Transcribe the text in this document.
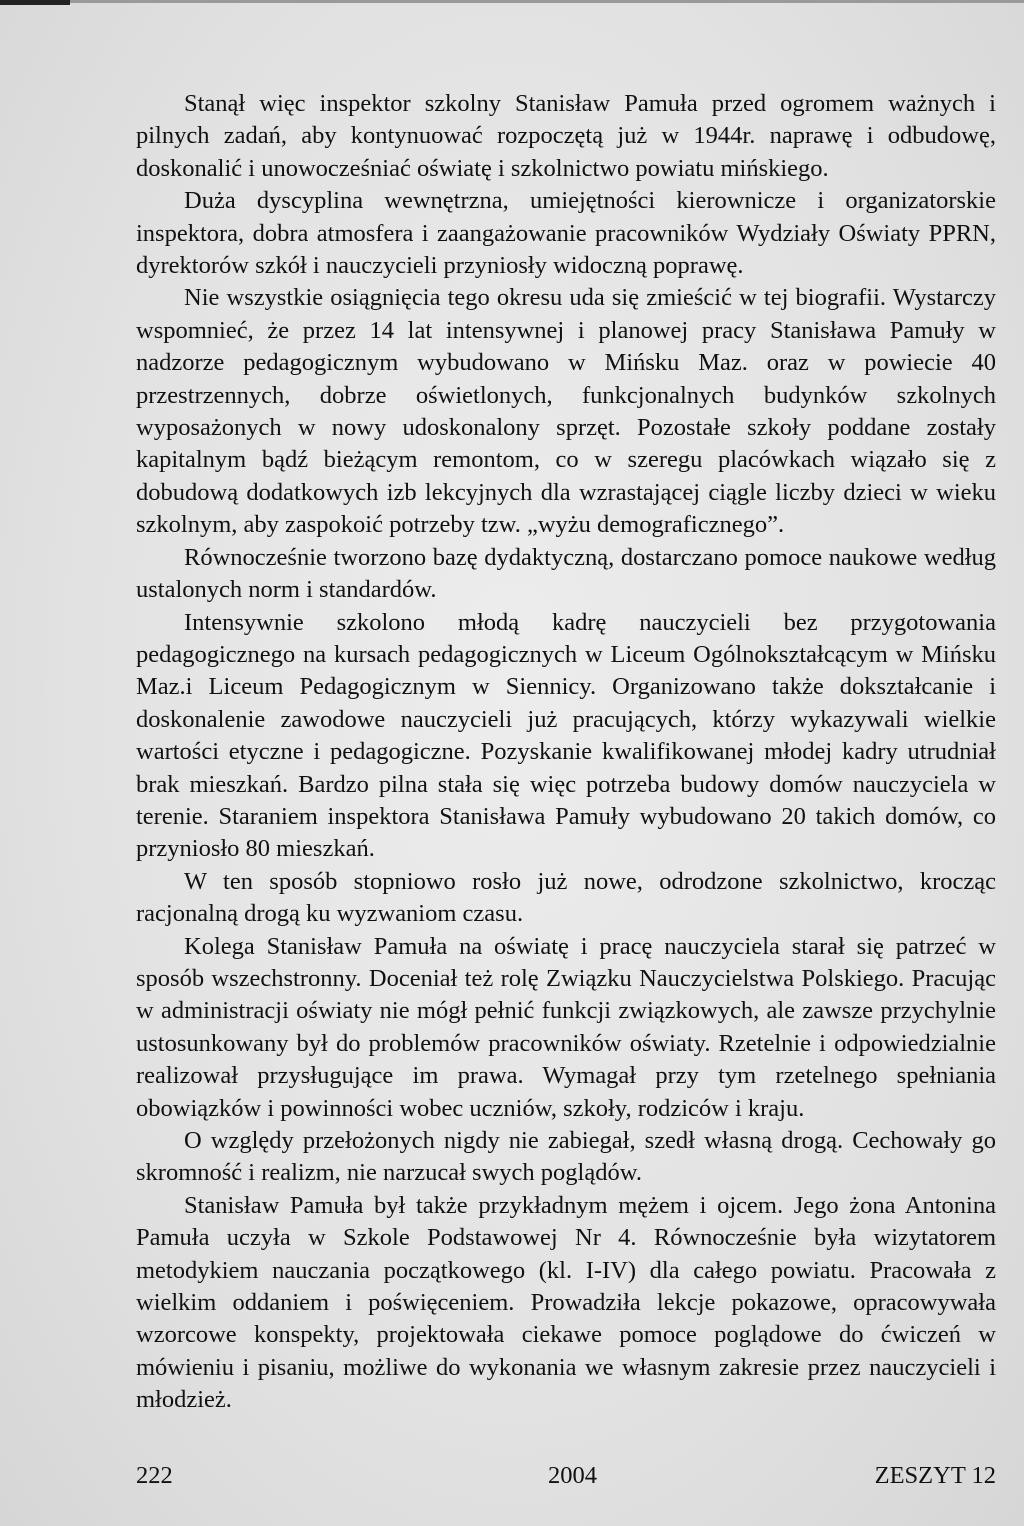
Stanął więc inspektor szkolny Stanisław Pamuła przed ogromem ważnych i pilnych zadań, aby kontynuować rozpoczętą już w 1944r. naprawę i odbudowę, doskonalić i unowocześniać oświatę i szkolnictwo powiatu mińskiego.

Duża dyscyplina wewnętrzna, umiejętności kierownicze i organizatorskie inspektora, dobra atmosfera i zaangażowanie pracowników Wydziały Oświaty PPRN, dyrektorów szkół i nauczycieli przyniosły widoczną poprawę.

Nie wszystkie osiągnięcia tego okresu uda się zmieścić w tej biografii. Wystarczy wspomnieć, że przez 14 lat intensywnej i planowej pracy Stanisława Pamuły w nadzorze pedagogicznym wybudowano w Mińsku Maz. oraz w powiecie 40 przestrzennych, dobrze oświetlonych, funkcjonalnych budynków szkolnych wyposażonych w nowy udoskonalony sprzęt. Pozostałe szkoły poddane zostały kapitalnym bądź bieżącym remontom, co w szeregu placówkach wiązało się z dobudową dodatkowych izb lekcyjnych dla wzrastającej ciągle liczby dzieci w wieku szkolnym, aby zaspokoić potrzeby tzw. „wyżu demograficznego”.

Równocześnie tworzono bazę dydaktyczną, dostarczano pomoce naukowe według ustalonych norm i standardów.

Intensywnie szkolono młodą kadrę nauczycieli bez przygotowania pedagogicznego na kursach pedagogicznych w Liceum Ogólnokształcącym w Mińsku Maz.i Liceum Pedagogicznym w Siennicy. Organizowano także dokształcanie i doskonalenie zawodowe nauczycieli już pracujących, którzy wykazywali wielkie wartości etyczne i pedagogiczne. Pozyskanie kwalifikowanej młodej kadry utrudniał brak mieszkań. Bardzo pilna stała się więc potrzeba budowy domów nauczyciela w terenie. Staraniem inspektora Stanisława Pamuły wybudowano 20 takich domów, co przyniosło 80 mieszkań.

W ten sposób stopniowo rosło już nowe, odrodzone szkolnictwo, krocząc racjonalną drogą ku wyzwaniom czasu.

Kolega Stanisław Pamuła na oświatę i pracę nauczyciela starał się patrzeć w sposób wszechstronny. Doceniał też rolę Związku Nauczycielstwa Polskiego. Pracując w administracji oświaty nie mógł pełnić funkcji związkowych, ale zawsze przychylnie ustosunkowany był do problemów pracowników oświaty. Rzetelnie i odpowiedzialnie realizował przysługujące im prawa. Wymagał przy tym rzetelnego spełniania obowiązków i powinności wobec uczniów, szkoły, rodziców i kraju.

O względy przełożonych nigdy nie zabiegał, szedł własną drogą. Cechowały go skromność i realizm, nie narzucał swych poglądów.

Stanisław Pamuła był także przykładnym mężem i ojcem. Jego żona Antonina Pamuła uczyła w Szkole Podstawowej Nr 4. Równocześnie była wizytatorem metodykiem nauczania początkowego (kl. I-IV) dla całego powiatu. Pracowała z wielkim oddaniem i poświęceniem. Prowadziła lekcje pokazowe, opracowywała wzorcowe konspekty, projektowała ciekawe pomoce poglądowe do ćwiczeń w mówieniu i pisaniu, możliwe do wykonania we własnym zakresie przez nauczycieli i młodzież.

222	2004	ZESZYT 12
